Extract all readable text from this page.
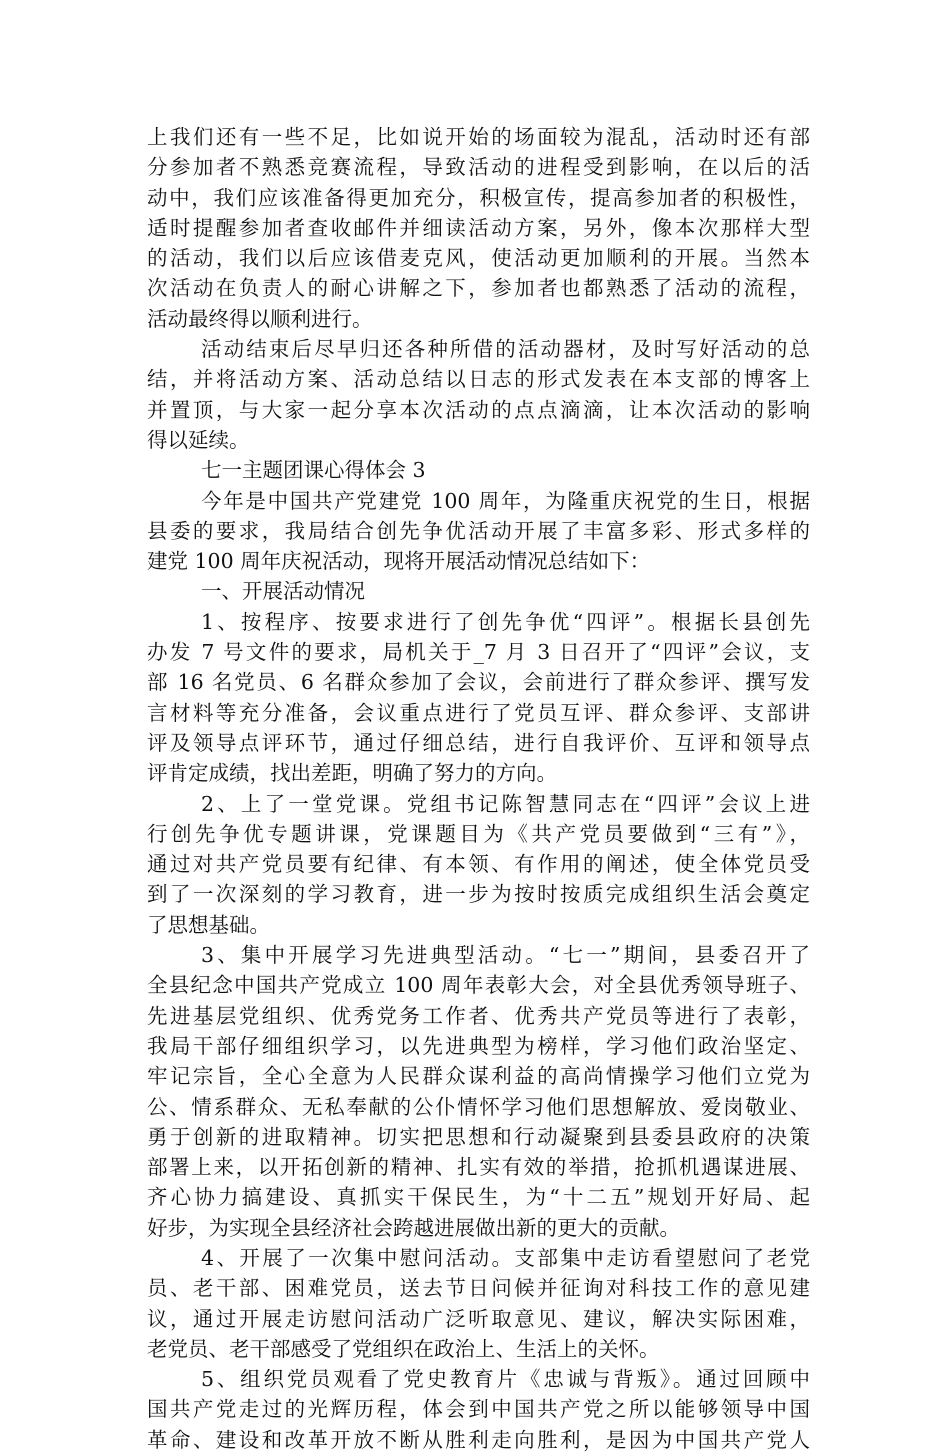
上我们还有一些不足，比如说开始的场面较为混乱，活动时还有部
分参加者不熟悉竞赛流程，导致活动的进程受到影响，在以后的活
动中，我们应该准备得更加充分，积极宣传，提高参加者的积极性，
适时提醒参加者查收邮件并细读活动方案，另外，像本次那样大型
的活动，我们以后应该借麦克风，使活动更加顺利的开展。当然本
次活动在负责人的耐心讲解之下，参加者也都熟悉了活动的流程，
活动最终得以顺利进行。
活动结束后尽早归还各种所借的活动器材，及时写好活动的总
结，并将活动方案、活动总结以日志的形式发表在本支部的博客上
并置顶，与大家一起分享本次活动的点点滴滴，让本次活动的影响
得以延续。
七一主题团课心得体会 3
今年是中国共产党建党 100 周年，为隆重庆祝党的生日，根据
县委的要求，我局结合创先争优活动开展了丰富多彩、形式多样的
建党 100 周年庆祝活动，现将开展活动情况总结如下：
一、开展活动情况
1、按程序、按要求进行了创先争优“四评”。根据长县创先
办发 7 号文件的要求，局机关于_7 月 3 日召开了“四评”会议，支
部 16 名党员、6 名群众参加了会议，会前进行了群众参评、撰写发
言材料等充分准备，会议重点进行了党员互评、群众参评、支部讲
评及领导点评环节，通过仔细总结，进行自我评价、互评和领导点
评肯定成绩，找出差距，明确了努力的方向。
2、上了一堂党课。党组书记陈智慧同志在“四评”会议上进
行创先争优专题讲课，党课题目为《共产党员要做到“三有”》，
通过对共产党员要有纪律、有本领、有作用的阐述，使全体党员受
到了一次深刻的学习教育，进一步为按时按质完成组织生活会奠定
了思想基础。
3、集中开展学习先进典型活动。“七一”期间，县委召开了
全县纪念中国共产党成立 100 周年表彰大会，对全县优秀领导班子、
先进基层党组织、优秀党务工作者、优秀共产党员等进行了表彰，
我局干部仔细组织学习，以先进典型为榜样，学习他们政治坚定、
牢记宗旨，全心全意为人民群众谋利益的高尚情操学习他们立党为
公、情系群众、无私奉献的公仆情怀学习他们思想解放、爱岗敬业、
勇于创新的进取精神。切实把思想和行动凝聚到县委县政府的决策
部署上来，以开拓创新的精神、扎实有效的举措，抢抓机遇谋进展、
齐心协力搞建设、真抓实干保民生，为“十二五”规划开好局、起
好步，为实现全县经济社会跨越进展做出新的更大的贡献。
4、开展了一次集中慰问活动。支部集中走访看望慰问了老党
员、老干部、困难党员，送去节日问候并征询对科技工作的意见建
议，通过开展走访慰问活动广泛听取意见、建议，解决实际困难，
老党员、老干部感受了党组织在政治上、生活上的关怀。
5、组织党员观看了党史教育片《忠诚与背叛》。通过回顾中
国共产党走过的光辉历程，体会到中国共产党之所以能够领导中国
革命、建设和改革开放不断从胜利走向胜利，是因为中国共产党人
